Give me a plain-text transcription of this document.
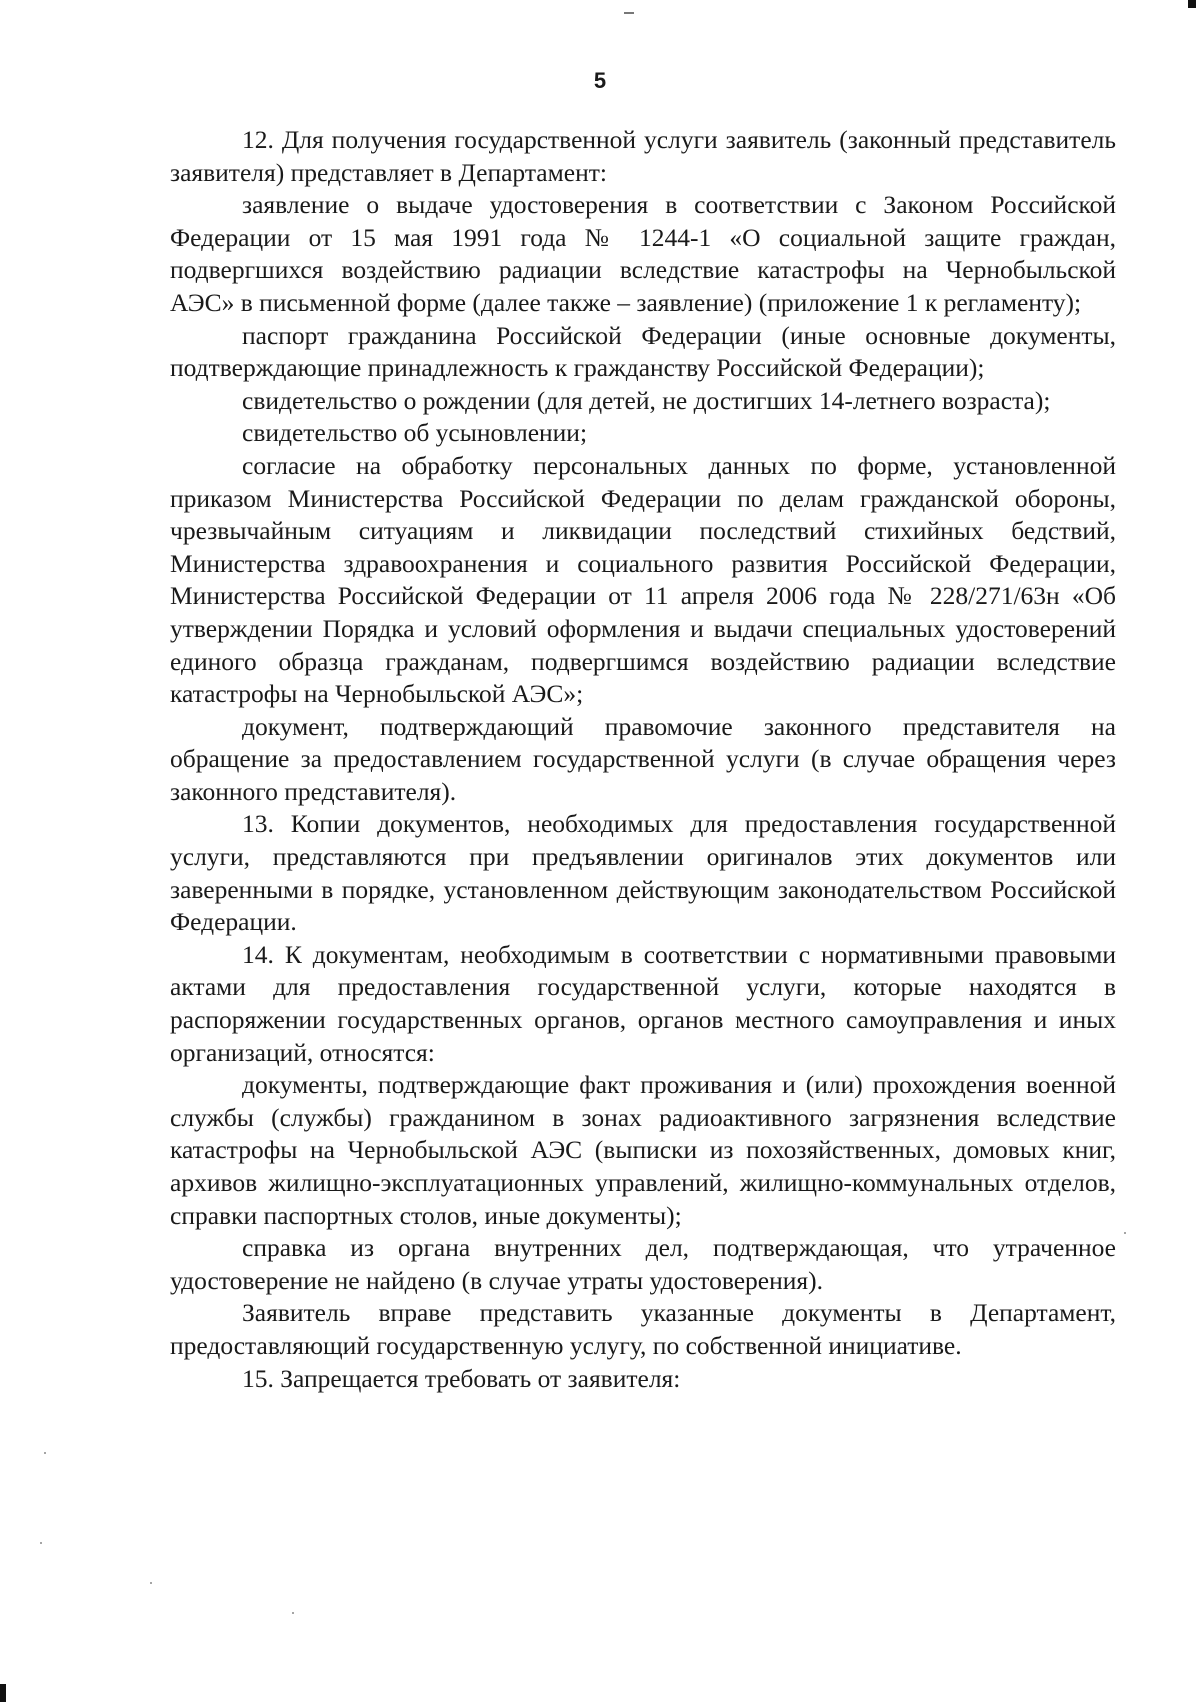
5

12. Для получения государственной услуги заявитель (законный представитель заявителя) представляет в Департамент:

заявление о выдаче удостоверения в соответствии с Законом Российской Федерации от 15 мая 1991 года № 1244-1 «О социальной защите граждан, подвергшихся воздействию радиации вследствие катастрофы на Чернобыльской АЭС» в письменной форме (далее также – заявление) (приложение 1 к регламенту);

паспорт гражданина Российской Федерации (иные основные документы, подтверждающие принадлежность к гражданству Российской Федерации);

свидетельство о рождении (для детей, не достигших 14-летнего возраста);

свидетельство об усыновлении;

согласие на обработку персональных данных по форме, установленной приказом Министерства Российской Федерации по делам гражданской обороны, чрезвычайным ситуациям и ликвидации последствий стихийных бедствий, Министерства здравоохранения и социального развития Российской Федерации, Министерства Российской Федерации от 11 апреля 2006 года № 228/271/63н «Об утверждении Порядка и условий оформления и выдачи специальных удостоверений единого образца гражданам, подвергшимся воздействию радиации вследствие катастрофы на Чернобыльской АЭС»;

документ, подтверждающий правомочие законного представителя на обращение за предоставлением государственной услуги (в случае обращения через законного представителя).

13. Копии документов, необходимых для предоставления государственной услуги, представляются при предъявлении оригиналов этих документов или заверенными в порядке, установленном действующим законодательством Российской Федерации.

14. К документам, необходимым в соответствии с нормативными правовыми актами для предоставления государственной услуги, которые находятся в распоряжении государственных органов, органов местного самоуправления и иных организаций, относятся:

документы, подтверждающие факт проживания и (или) прохождения военной службы (службы) гражданином в зонах радиоактивного загрязнения вследствие катастрофы на Чернобыльской АЭС (выписки из похозяйственных, домовых книг, архивов жилищно-эксплуатационных управлений, жилищно-коммунальных отделов, справки паспортных столов, иные документы);

справка из органа внутренних дел, подтверждающая, что утраченное удостоверение не найдено (в случае утраты удостоверения).

Заявитель вправе представить указанные документы в Департамент, предоставляющий государственную услугу, по собственной инициативе.

15. Запрещается требовать от заявителя:
